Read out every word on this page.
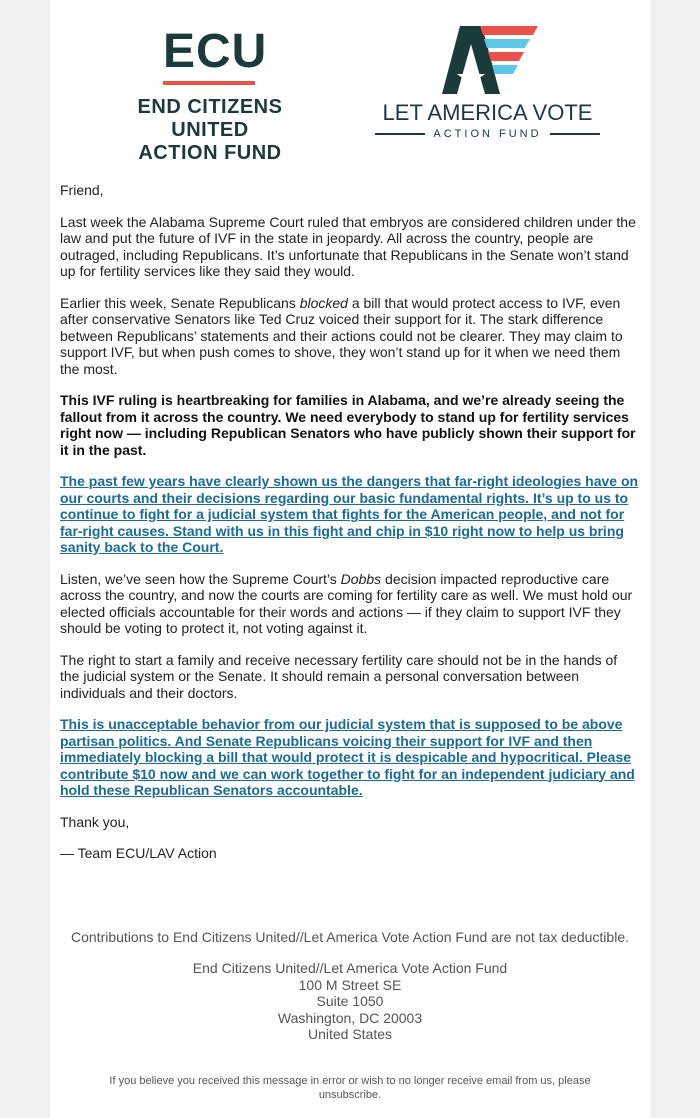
ECU
END CITIZENS UNITED
ACTION FUND
LET AMERICA VOTE
ACTION FUND

Friend,

Last week the Alabama Supreme Court ruled that embryos are considered children under the law and put the future of IVF in the state in jeopardy. All across the country, people are outraged, including Republicans. It’s unfortunate that Republicans in the Senate won’t stand up for fertility services like they said they would.

Earlier this week, Senate Republicans blocked a bill that would protect access to IVF, even after conservative Senators like Ted Cruz voiced their support for it. The stark difference between Republicans’ statements and their actions could not be clearer. They may claim to support IVF, but when push comes to shove, they won’t stand up for it when we need them the most.

This IVF ruling is heartbreaking for families in Alabama, and we’re already seeing the fallout from it across the country. We need everybody to stand up for fertility services right now — including Republican Senators who have publicly shown their support for it in the past.

The past few years have clearly shown us the dangers that far-right ideologies have on our courts and their decisions regarding our basic fundamental rights. It’s up to us to continue to fight for a judicial system that fights for the American people, and not for far-right causes. Stand with us in this fight and chip in $10 right now to help us bring sanity back to the Court.

Listen, we’ve seen how the Supreme Court’s Dobbs decision impacted reproductive care across the country, and now the courts are coming for fertility care as well. We must hold our elected officials accountable for their words and actions — if they claim to support IVF they should be voting to protect it, not voting against it.

The right to start a family and receive necessary fertility care should not be in the hands of the judicial system or the Senate. It should remain a personal conversation between individuals and their doctors.

This is unacceptable behavior from our judicial system that is supposed to be above partisan politics. And Senate Republicans voicing their support for IVF and then immediately blocking a bill that would protect it is despicable and hypocritical. Please contribute $10 now and we can work together to fight for an independent judiciary and hold these Republican Senators accountable.

Thank you,

— Team ECU/LAV Action

Contributions to End Citizens United//Let America Vote Action Fund are not tax deductible.
End Citizens United//Let America Vote Action Fund
100 M Street SE
Suite 1050
Washington, DC 20003
United States
If you believe you received this message in error or wish to no longer receive email from us, please unsubscribe.
